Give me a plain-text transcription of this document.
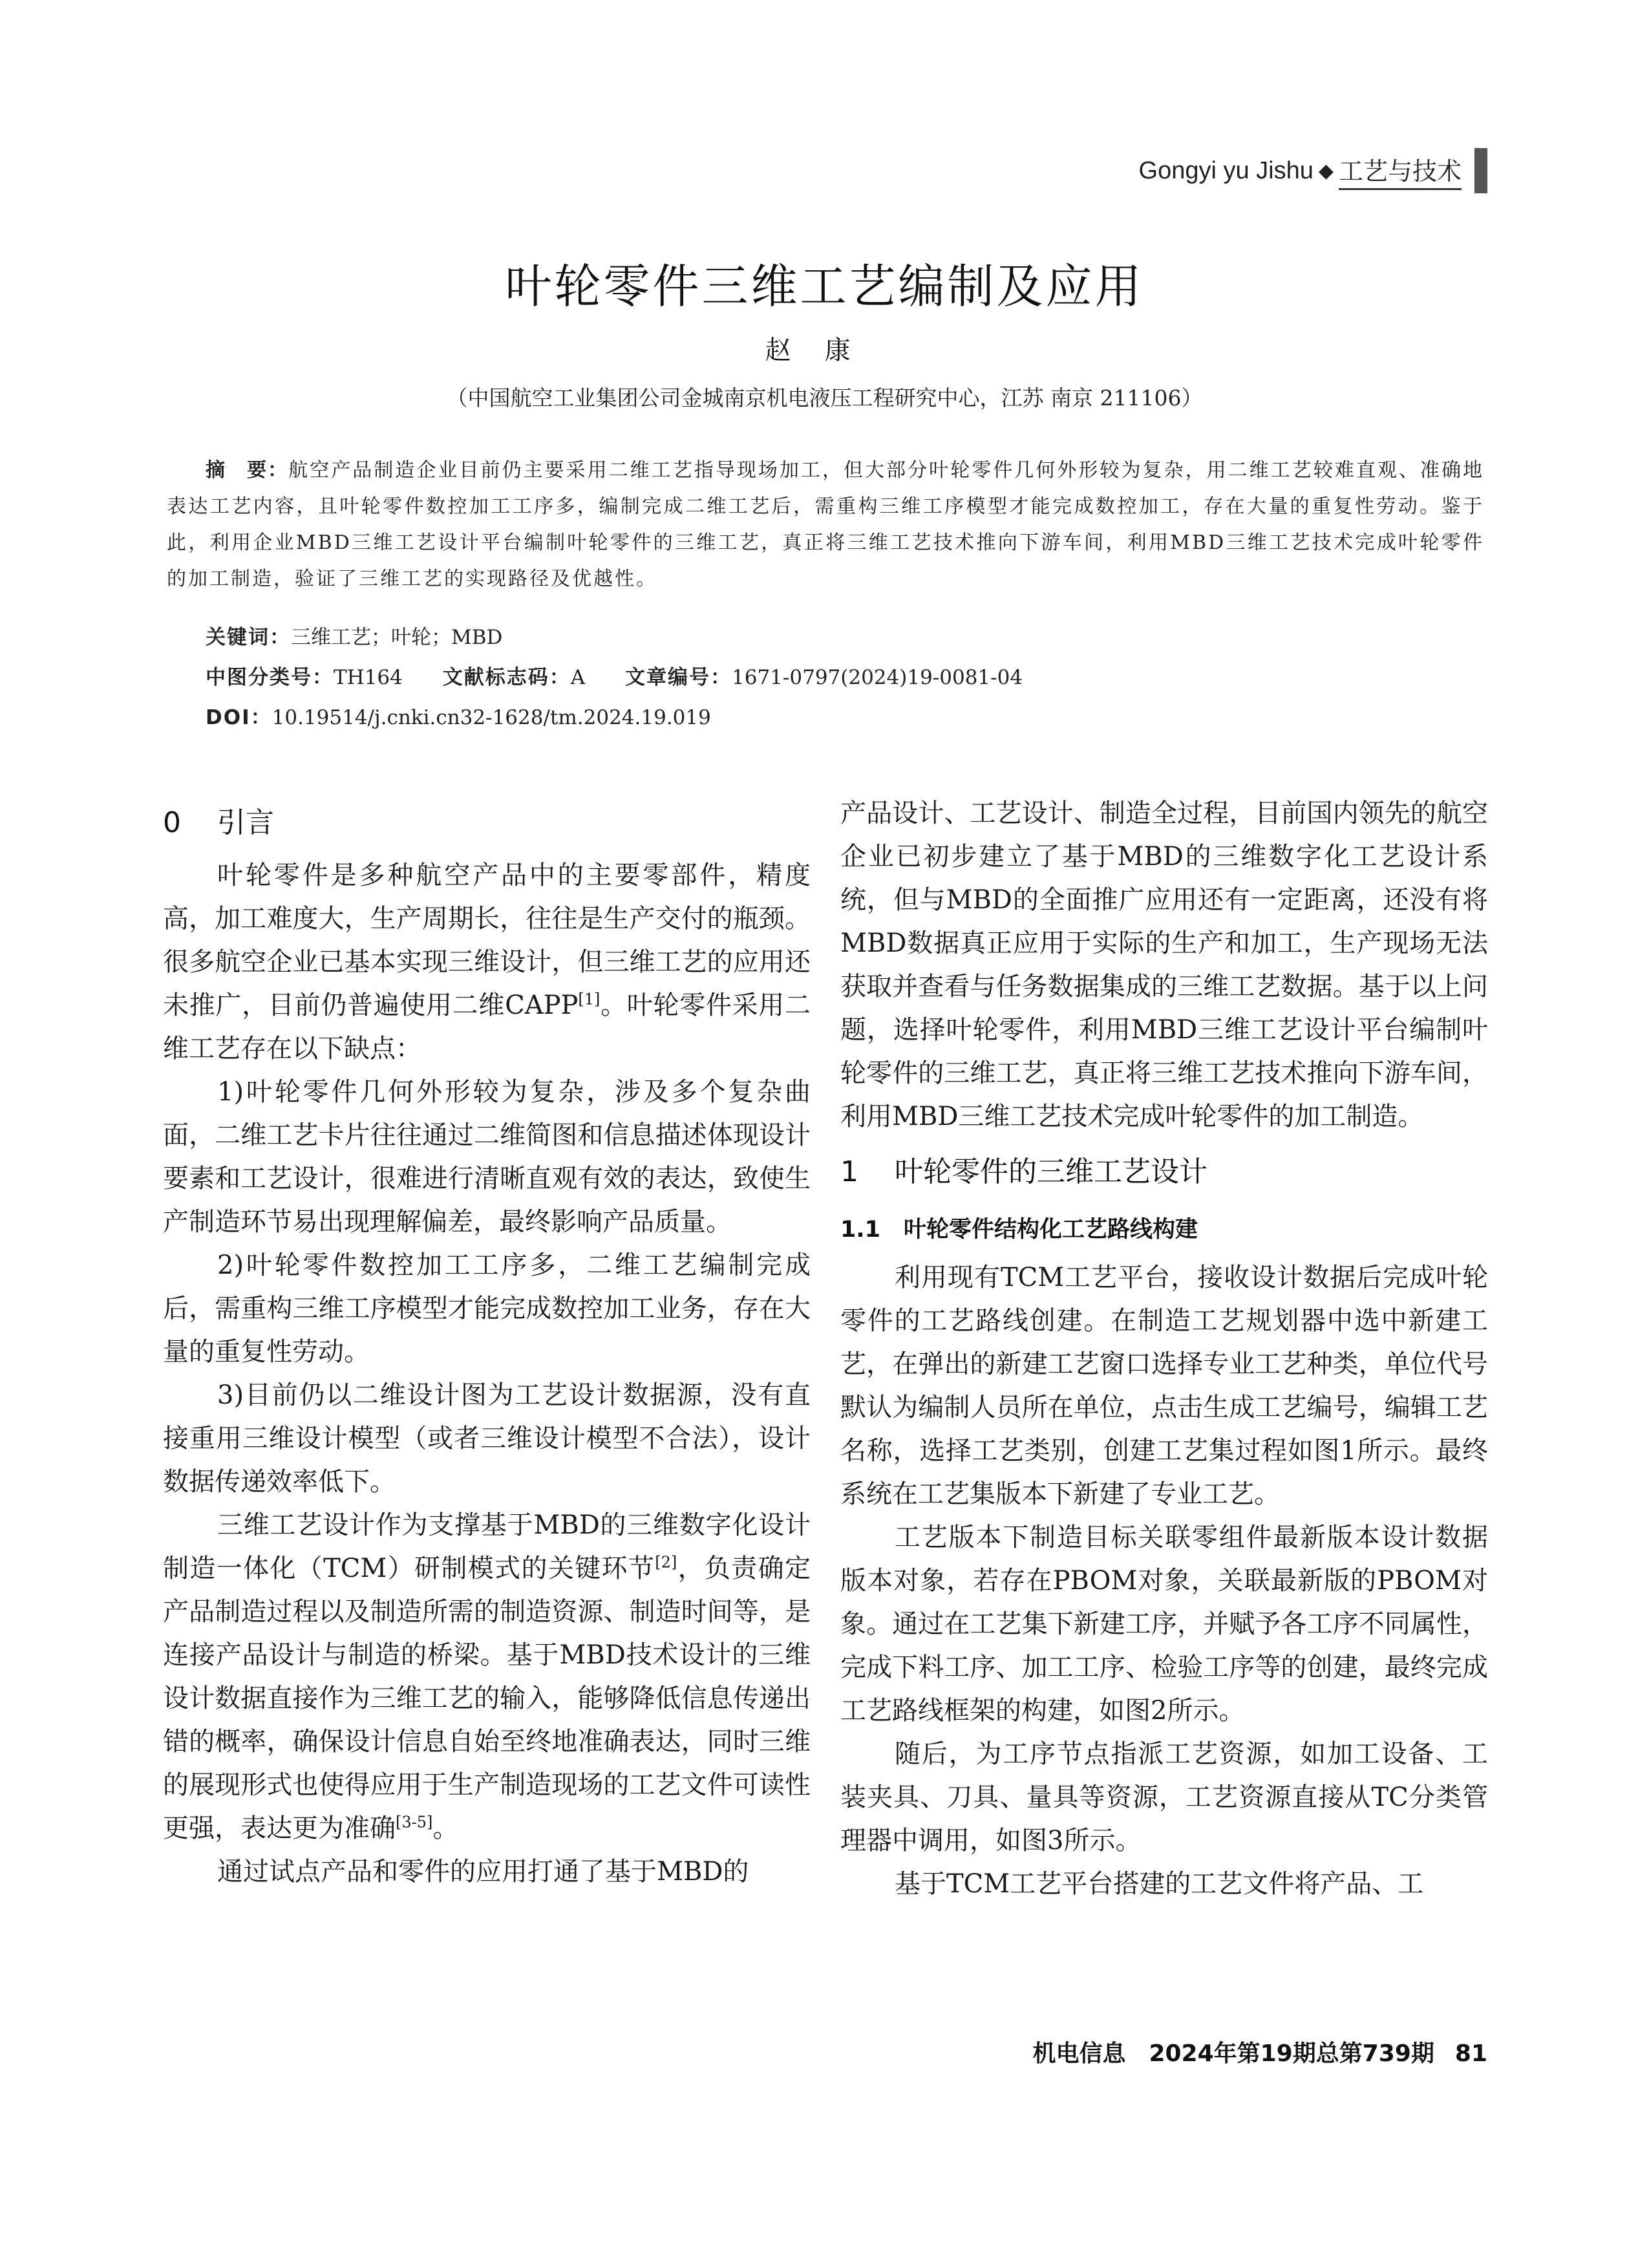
Gongyi yu Jishu ◆ 工艺与技术
叶轮零件三维工艺编制及应用
赵康
（中国航空工业集团公司金城南京机电液压工程研究中心，江苏 南京 211106）
摘　要：航空产品制造企业目前仍主要采用二维工艺指导现场加工，但大部分叶轮零件几何外形较为复杂，用二维工艺较难直观、准确地表达工艺内容，且叶轮零件数控加工工序多，编制完成二维工艺后，需重构三维工序模型才能完成数控加工，存在大量的重复性劳动。鉴于此，利用企业MBD三维工艺设计平台编制叶轮零件的三维工艺，真正将三维工艺技术推向下游车间，利用MBD三维工艺技术完成叶轮零件的加工制造，验证了三维工艺的实现路径及优越性。
关键词：三维工艺；叶轮；MBD
中图分类号：TH164 文献标志码：A 文章编号：1671-0797(2024)19-0081-04
DOI：10.19514/j.cnki.cn32-1628/tm.2024.19.019
0 引言

叶轮零件是多种航空产品中的主要零部件，精度高，加工难度大，生产周期长，往往是生产交付的瓶颈。很多航空企业已基本实现三维设计，但三维工艺的应用还未推广，目前仍普遍使用二维CAPP[1]。叶轮零件采用二维工艺存在以下缺点：

1)叶轮零件几何外形较为复杂，涉及多个复杂曲面，二维工艺卡片往往通过二维简图和信息描述体现设计要素和工艺设计，很难进行清晰直观有效的表达，致使生产制造环节易出现理解偏差，最终影响产品质量。

2)叶轮零件数控加工工序多，二维工艺编制完成后，需重构三维工序模型才能完成数控加工业务，存在大量的重复性劳动。

3)目前仍以二维设计图为工艺设计数据源，没有直接重用三维设计模型（或者三维设计模型不合法），设计数据传递效率低下。

三维工艺设计作为支撑基于MBD的三维数字化设计制造一体化（TCM）研制模式的关键环节[2]，负责确定产品制造过程以及制造所需的制造资源、制造时间等，是连接产品设计与制造的桥梁。基于MBD技术设计的三维设计数据直接作为三维工艺的输入，能够降低信息传递出错的概率，确保设计信息自始至终地准确表达，同时三维的展现形式也使得应用于生产制造现场的工艺文件可读性更强，表达更为准确[3-5]。

通过试点产品和零件的应用打通了基于MBD的

产品设计、工艺设计、制造全过程，目前国内领先的航空企业已初步建立了基于MBD的三维数字化工艺设计系统，但与MBD的全面推广应用还有一定距离，还没有将MBD数据真正应用于实际的生产和加工，生产现场无法获取并查看与任务数据集成的三维工艺数据。基于以上问题，选择叶轮零件，利用MBD三维工艺设计平台编制叶轮零件的三维工艺，真正将三维工艺技术推向下游车间，利用MBD三维工艺技术完成叶轮零件的加工制造。

1 叶轮零件的三维工艺设计
1.1 叶轮零件结构化工艺路线构建

利用现有TCM工艺平台，接收设计数据后完成叶轮零件的工艺路线创建。在制造工艺规划器中选中新建工艺，在弹出的新建工艺窗口选择专业工艺种类，单位代号默认为编制人员所在单位，点击生成工艺编号，编辑工艺名称，选择工艺类别，创建工艺集过程如图1所示。最终系统在工艺集版本下新建了专业工艺。

工艺版本下制造目标关联零组件最新版本设计数据版本对象，若存在PBOM对象，关联最新版的PBOM对象。通过在工艺集下新建工序，并赋予各工序不同属性，完成下料工序、加工工序、检验工序等的创建，最终完成工艺路线框架的构建，如图2所示。

随后，为工序节点指派工艺资源，如加工设备、工装夹具、刀具、量具等资源，工艺资源直接从TC分类管理器中调用，如图3所示。

基于TCM工艺平台搭建的工艺文件将产品、工

机电信息　2024年第19期总第739期 81
